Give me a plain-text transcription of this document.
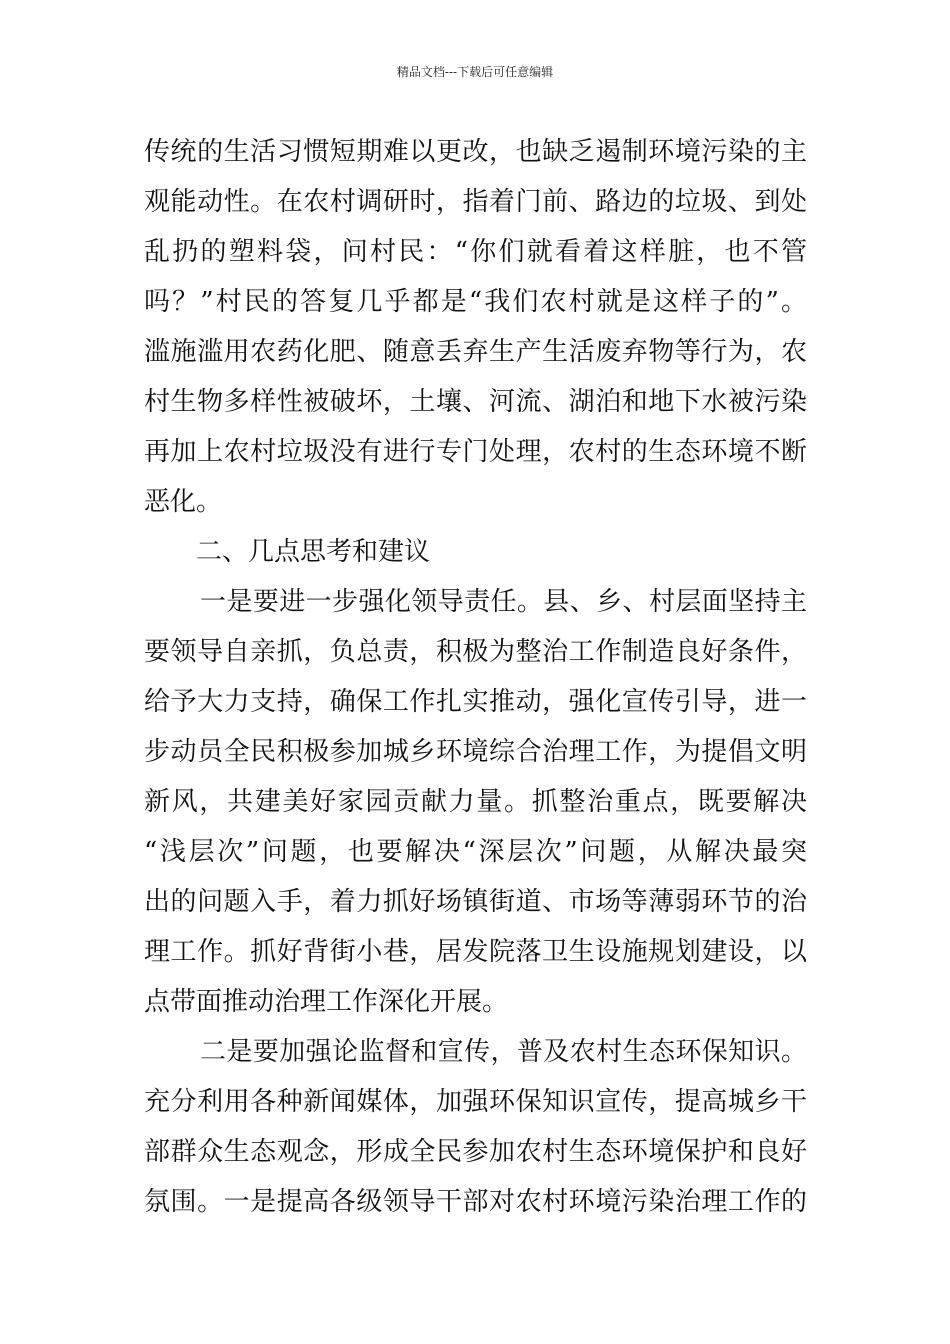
精品文档---下载后可任意编辑
传统的生活习惯短期难以更改，也缺乏遏制环境污染的主
观能动性。在农村调研时，指着门前、路边的垃圾、到处
乱扔的塑料袋，问村民：“你们就看着这样脏，也不管
吗？”村民的答复几乎都是“我们农村就是这样子的”。
滥施滥用农药化肥、随意丢弃生产生活废弃物等行为，农
村生物多样性被破坏，土壤、河流、湖泊和地下水被污染
再加上农村垃圾没有进行专门处理，农村的生态环境不断
恶化。
二、几点思考和建议
一是要进一步强化领导责任。县、乡、村层面坚持主
要领导自亲抓，负总责，积极为整治工作制造良好条件，
给予大力支持，确保工作扎实推动，强化宣传引导，进一
步动员全民积极参加城乡环境综合治理工作，为提倡文明
新风，共建美好家园贡献力量。抓整治重点，既要解决
“浅层次”问题，也要解决“深层次”问题，从解决最突
出的问题入手，着力抓好场镇街道、市场等薄弱环节的治
理工作。抓好背街小巷，居发院落卫生设施规划建设，以
点带面推动治理工作深化开展。
二是要加强论监督和宣传，普及农村生态环保知识。
充分利用各种新闻媒体，加强环保知识宣传，提高城乡干
部群众生态观念，形成全民参加农村生态环境保护和良好
氛围。一是提高各级领导干部对农村环境污染治理工作的
